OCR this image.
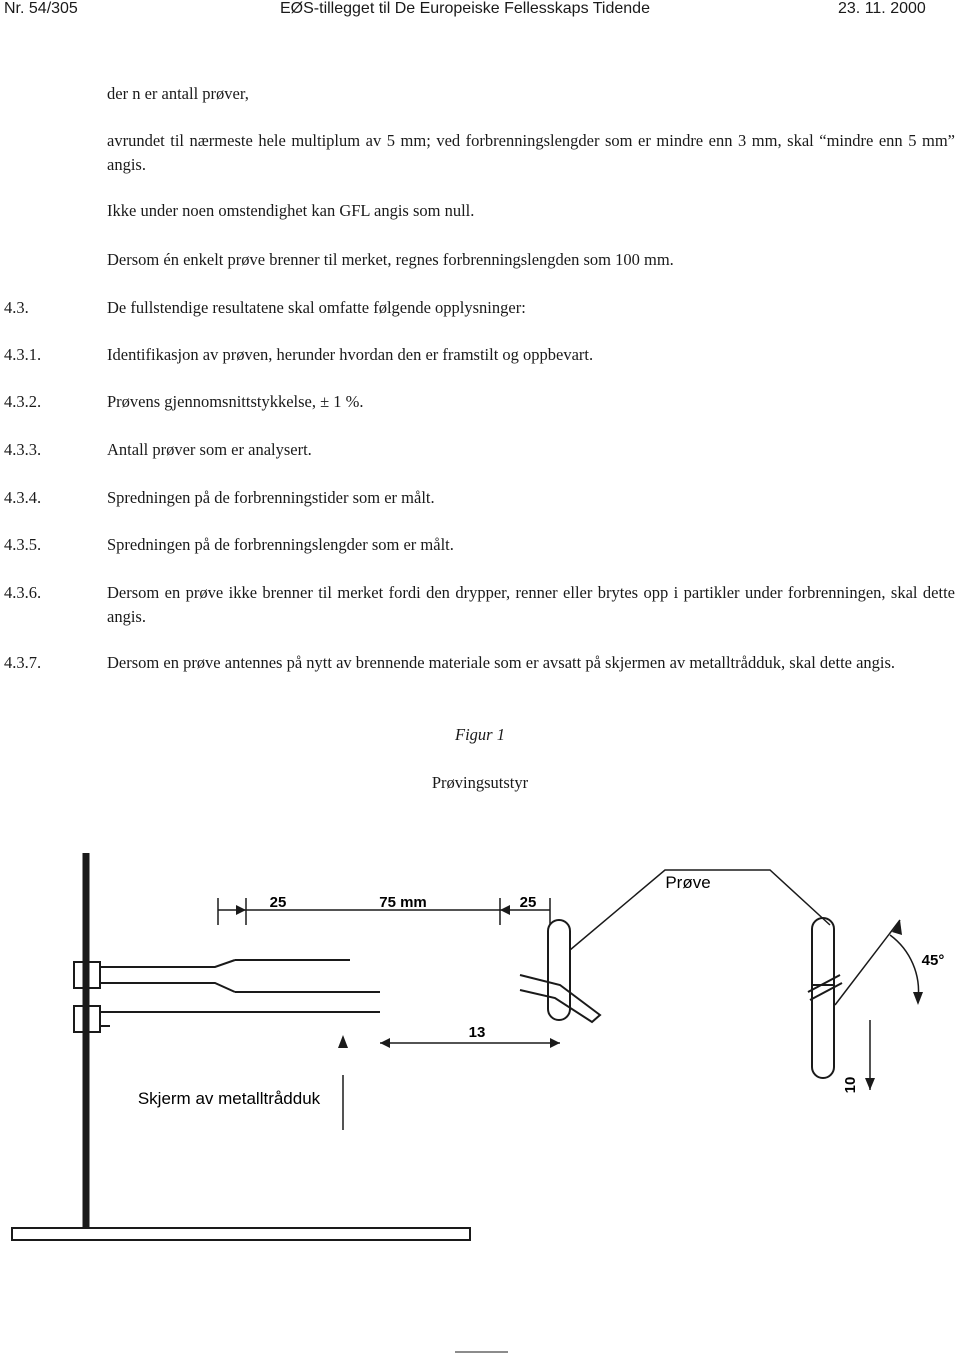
Nr. 54/305	EØS-tillegget til De Europeiske Fellesskaps Tidende	23. 11. 2000
der n er antall prøver,
avrundet til nærmeste hele multiplum av 5 mm; ved forbrenningslengder som er mindre enn 3 mm, skal “mindre enn 5 mm” angis.
Ikke under noen omstendighet kan GFL angis som null.
Dersom én enkelt prøve brenner til merket, regnes forbrenningslengden som 100 mm.
4.3.	De fullstendige resultatene skal omfatte følgende opplysninger:
4.3.1.	Identifikasjon av prøven, herunder hvordan den er framstilt og oppbevart.
4.3.2.	Prøvens gjennomsnittstykkelse, ± 1 %.
4.3.3.	Antall prøver som er analysert.
4.3.4.	Spredningen på de forbrenningstider som er målt.
4.3.5.	Spredningen på de forbrenningslengder som er målt.
4.3.6.	Dersom en prøve ikke brenner til merket fordi den drypper, renner eller brytes opp i partikler under forbrenningen, skal dette angis.
4.3.7.	Dersom en prøve antennes på nytt av brennende materiale som er avsatt på skjermen av metalltrådduk, skal dette angis.
Figur 1
Prøvingsutstyr
25	75 mm	25
13
45°
Prøve
Skjerm av metalltrådduk
10
